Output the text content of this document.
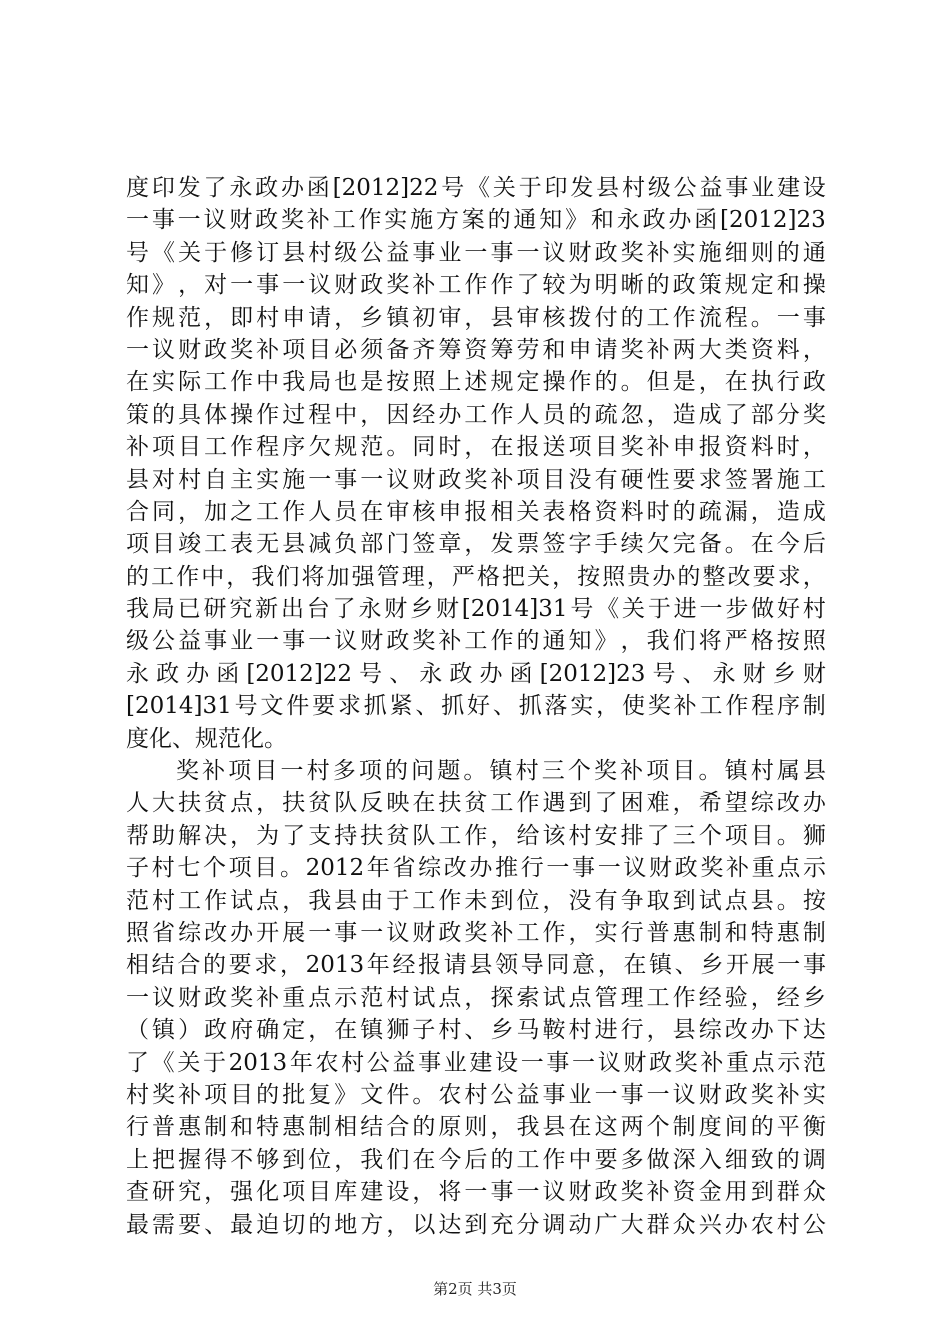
度 印 发 了 永 政 办 函 [2012]22 号 《 关 于 印 发 县 村 级 公 益 事 业 建 设
一 事 一 议 财 政 奖 补 工 作 实 施 方 案 的 通 知 》 和 永 政 办 函 [2012]23
号 《 关 于 修 订 县 村 级 公 益 事 业 一 事 一 议 财 政 奖 补 实 施 细 则 的 通
知 》 ， 对 一 事 一 议 财 政 奖 补 工 作 作 了 较 为 明 晰 的 政 策 规 定 和 操
作 规 范 ， 即 村 申 请 ， 乡 镇 初 审 ， 县 审 核 拨 付 的 工 作 流 程 。 一 事
一 议 财 政 奖 补 项 目 必 须 备 齐 筹 资 筹 劳 和 申 请 奖 补 两 大 类 资 料 ，
在 实 际 工 作 中 我 局 也 是 按 照 上 述 规 定 操 作 的 。 但 是 ， 在 执 行 政
策 的 具 体 操 作 过 程 中 ， 因 经 办 工 作 人 员 的 疏 忽 ， 造 成 了 部 分 奖
补 项 目 工 作 程 序 欠 规 范 。 同 时 ， 在 报 送 项 目 奖 补 申 报 资 料 时 ，
县 对 村 自 主 实 施 一 事 一 议 财 政 奖 补 项 目 没 有 硬 性 要 求 签 署 施 工
合 同 ， 加 之 工 作 人 员 在 审 核 申 报 相 关 表 格 资 料 时 的 疏 漏 ， 造 成
项 目 竣 工 表 无 县 减 负 部 门 签 章 ， 发 票 签 字 手 续 欠 完 备 。 在 今 后
的 工 作 中 ， 我 们 将 加 强 管 理 ， 严 格 把 关 ， 按 照 贵 办 的 整 改 要 求 ，
我 局 已 研 究 新 出 台 了 永 财 乡 财 [2014]31 号 《 关 于 进 一 步 做 好 村
级 公 益 事 业 一 事 一 议 财 政 奖 补 工 作 的 通 知 》 ， 我 们 将 严 格 按 照
永 政 办 函 [2012]22 号 、 永 政 办 函 [2012]23 号 、 永 财 乡 财
[2014]31 号 文 件 要 求 抓 紧 、 抓 好 、 抓 落 实 ， 使 奖 补 工 作 程 序 制
度化、规范化。
奖 补 项 目 一 村 多 项 的 问 题 。 镇 村 三 个 奖 补 项 目 。 镇 村 属 县
人 大 扶 贫 点 ， 扶 贫 队 反 映 在 扶 贫 工 作 遇 到 了 困 难 ， 希 望 综 改 办
帮 助 解 决 ， 为 了 支 持 扶 贫 队 工 作 ， 给 该 村 安 排 了 三 个 项 目 。 狮
子 村 七 个 项 目 。 2012 年 省 综 改 办 推 行 一 事 一 议 财 政 奖 补 重 点 示
范 村 工 作 试 点 ， 我 县 由 于 工 作 未 到 位 ， 没 有 争 取 到 试 点 县 。 按
照 省 综 改 办 开 展 一 事 一 议 财 政 奖 补 工 作 ， 实 行 普 惠 制 和 特 惠 制
相 结 合 的 要 求 ， 2013 年 经 报 请 县 领 导 同 意 ， 在 镇 、 乡 开 展 一 事
一 议 财 政 奖 补 重 点 示 范 村 试 点 ， 探 索 试 点 管 理 工 作 经 验 ， 经 乡
（ 镇 ） 政 府 确 定 ， 在 镇 狮 子 村 、 乡 马 鞍 村 进 行 ， 县 综 改 办 下 达
了 《 关 于 2013 年 农 村 公 益 事 业 建 设 一 事 一 议 财 政 奖 补 重 点 示 范
村 奖 补 项 目 的 批 复 》 文 件 。 农 村 公 益 事 业 一 事 一 议 财 政 奖 补 实
行 普 惠 制 和 特 惠 制 相 结 合 的 原 则 ， 我 县 在 这 两 个 制 度 间 的 平 衡
上 把 握 得 不 够 到 位 ， 我 们 在 今 后 的 工 作 中 要 多 做 深 入 细 致 的 调
查 研 究 ， 强 化 项 目 库 建 设 ， 将 一 事 一 议 财 政 奖 补 资 金 用 到 群 众
最 需 要 、 最 迫 切 的 地 方 ， 以 达 到 充 分 调 动 广 大 群 众 兴 办 农 村 公
第2页 共3页
